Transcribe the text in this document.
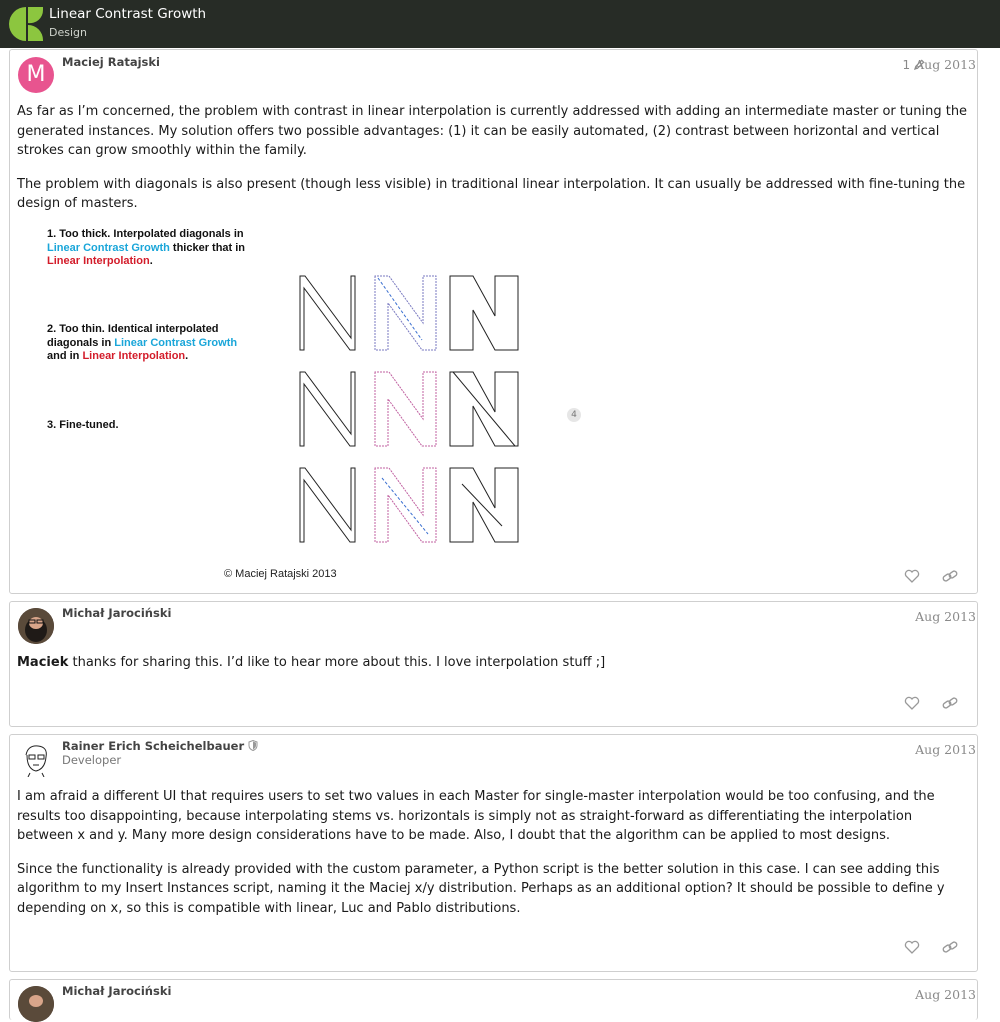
Linear Contrast Growth
Design
M	Maciej Ratajski	1 Aug 2013

As far as I’m concerned, the problem with contrast in linear interpolation is currently addressed with adding an intermediate master or tuning the generated instances. My solution offers two possible advantages: (1) it can be easily automated, (2) contrast between horizontal and vertical strokes can grow smoothly within the family.

The problem with diagonals is also present (though less visible) in traditional linear interpolation. It can usually be addressed with fine-tuning the design of masters.

1. Too thick. Interpolated diagonals in Linear Contrast Growth thicker that in Linear Interpolation.
2. Too thin. Identical interpolated diagonals in Linear Contrast Growth and in Linear Interpolation.
3. Fine-tuned.
© Maciej Ratajski 2013
4
Michał Jarociński	Aug 2013

Maciek thanks for sharing this. I’d like to hear more about this. I love interpolation stuff ;]

Rainer Erich Scheichelbauer
Developer
Aug 2013

I am afraid a different UI that requires users to set two values in each Master for single-master interpolation would be too confusing, and the results too disappointing, because interpolating stems vs. horizontals is simply not as straight-forward as differentiating the interpolation between x and y. Many more design considerations have to be made. Also, I doubt that the algorithm can be applied to most designs.

Since the functionality is already provided with the custom parameter, a Python script is the better solution in this case. I can see adding this algorithm to my Insert Instances script, naming it the Maciej x/y distribution. Perhaps as an additional option? It should be possible to define y depending on x, so this is compatible with linear, Luc and Pablo distributions.

Michał Jarociński	Aug 2013
